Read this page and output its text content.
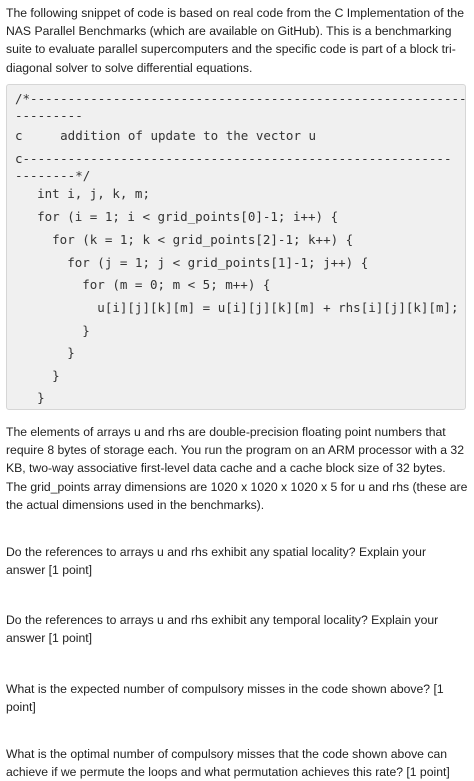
The following snippet of code is based on real code from the C Implementation of the NAS Parallel Benchmarks (which are available on GitHub). This is a benchmarking suite to evaluate parallel supercomputers and the specific code is part of a block tri-diagonal solver to solve differential equations.
/*----------------------------------------------------------
---------
c     addition of update to the vector u
c---------------------------------------------------------
--------*/
int i, j, k, m;
for (i = 1; i < grid_points[0]-1; i++) {
for (k = 1; k < grid_points[2]-1; k++) {
for (j = 1; j < grid_points[1]-1; j++) {
for (m = 0; m < 5; m++) {
u[i][j][k][m] = u[i][j][k][m] + rhs[i][j][k][m];
}
}
}
}
The elements of arrays u and rhs are double-precision floating point numbers that require 8 bytes of storage each. You run the program on an ARM processor with a 32 KB, two-way associative first-level data cache and a cache block size of 32 bytes. The grid_points array dimensions are 1020 x 1020 x 1020 x 5 for u and rhs (these are the actual dimensions used in the benchmarks).
Do the references to arrays u and rhs exhibit any spatial locality? Explain your answer [1 point]
Do the references to arrays u and rhs exhibit any temporal locality? Explain your answer [1 point]
What is the expected number of compulsory misses in the code shown above? [1 point]
What is the optimal number of compulsory misses that the code shown above can achieve if we permute the loops and what permutation achieves this rate? [1 point]
